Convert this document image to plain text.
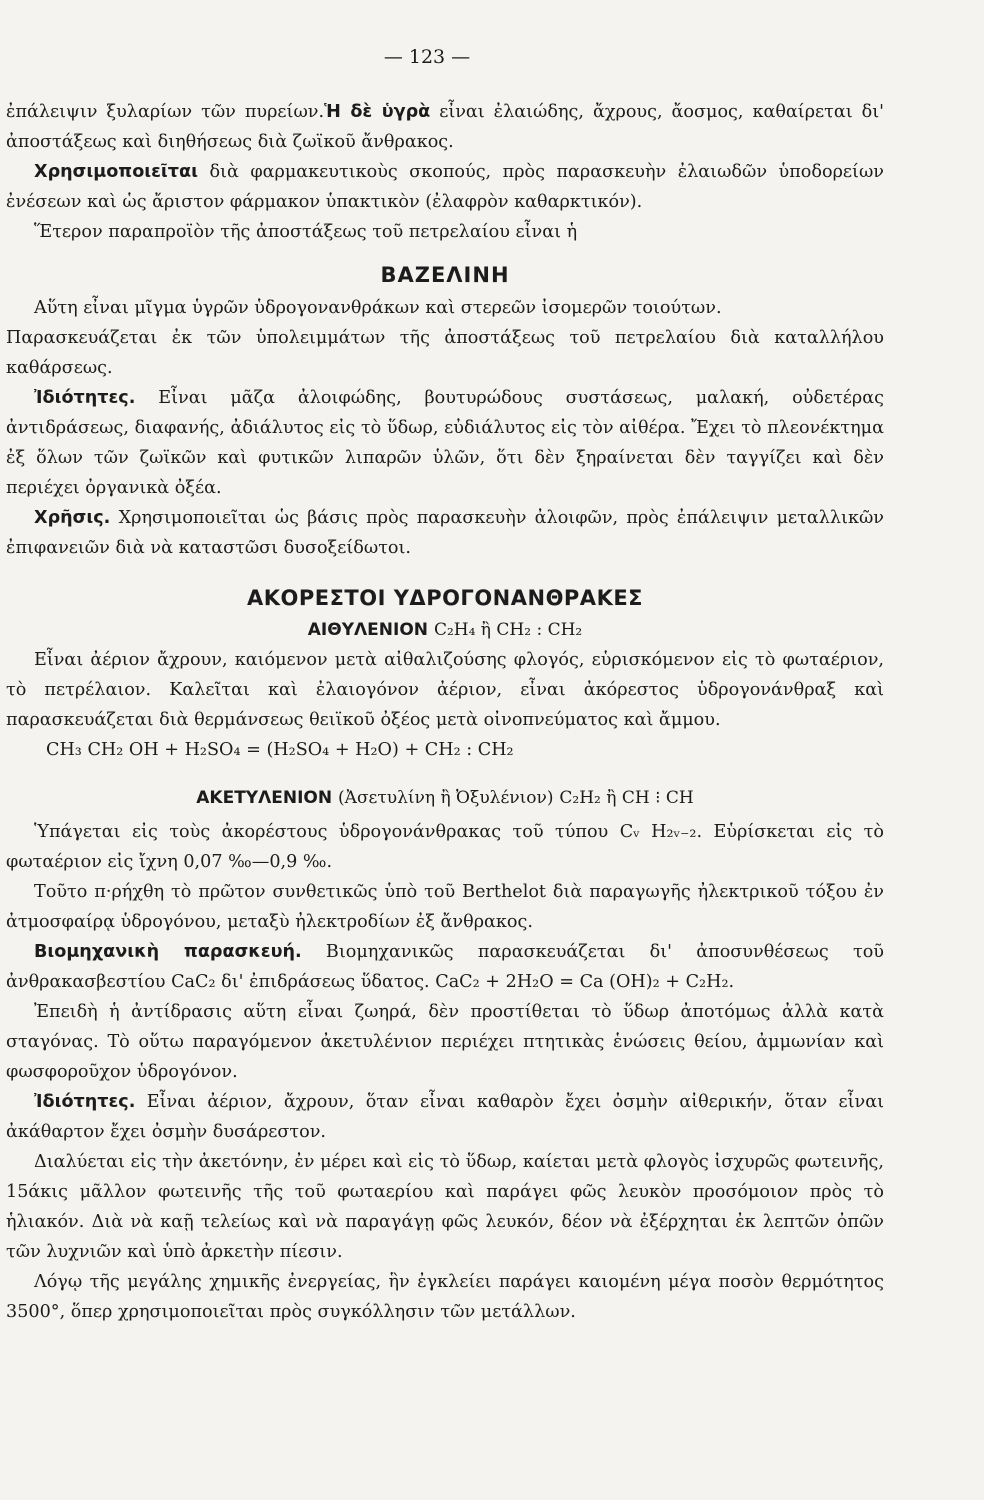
— 123 —

ἐπάλειψιν ξυλαρίων τῶν πυρείων.Ἡ δὲ ὑγρὰ εἶναι ἐλαιώδης, ἄχρους, ἄοσμος, καθαίρεται δι' ἀποστάξεως καὶ διηθήσεως διὰ ζωϊκοῦ ἄνθρακος.

Χρησιμοποιεῖται διὰ φαρμακευτικοὺς σκοπούς, πρὸς παρασκευὴν ἐλαιωδῶν ὑποδορείων ἐνέσεων καὶ ὡς ἄριστον φάρμακον ὑπακτικὸν (ἐλαφρὸν καθαρκτικόν).

Ἕτερον παραπροϊὸν τῆς ἀποστάξεως τοῦ πετρελαίου εἶναι ἡ

ΒΑΖΕΛΙΝΗ

Αὕτη εἶναι μῖγμα ὑγρῶν ὑδρογονανθράκων καὶ στερεῶν ἰσομερῶν τοιούτων.

Παρασκευάζεται ἐκ τῶν ὑπολειμμάτων τῆς ἀποστάξεως τοῦ πετρελαίου διὰ καταλλήλου καθάρσεως.

Ἰδιότητες. Εἶναι μᾶζα ἀλοιφώδης, βουτυρώδους συστάσεως, μαλακή, οὐδετέρας ἀντιδράσεως, διαφανής, ἀδιάλυτος εἰς τὸ ὕδωρ, εὐδιάλυτος εἰς τὸν αἰθέρα. Ἔχει τὸ πλεονέκτημα ἐξ ὅλων τῶν ζωϊκῶν καὶ φυτικῶν λιπαρῶν ὑλῶν, ὅτι δὲν ξηραίνεται δὲν ταγγίζει καὶ δὲν περιέχει ὀργανικὰ ὀξέα.

Χρῆσις. Χρησιμοποιεῖται ὡς βάσις πρὸς παρασκευὴν ἀλοιφῶν, πρὸς ἐπάλειψιν μεταλλικῶν ἐπιφανειῶν διὰ νὰ καταστῶσι δυσοξείδωτοι.

ΑΚΟΡΕΣΤΟΙ ΥΔΡΟΓΟΝΑΝΘΡΑΚΕΣ
ΑΙΘΥΛΕΝΙΟΝ C₂H₄ ἢ CH₂ : CH₂

Εἶναι ἀέριον ἄχρουν, καιόμενον μετὰ αἰθαλιζούσης φλογός, εὑρισκόμενον εἰς τὸ φωταέριον, τὸ πετρέλαιον. Καλεῖται καὶ ἐλαιογόνον ἀέριον, εἶναι ἀκόρεστος ὑδρογονάνθραξ καὶ παρασκευάζεται διὰ θερμάνσεως θειϊκοῦ ὀξέος μετὰ οἰνοπνεύματος καὶ ἄμμου.

CH₃ CH₂ OH + H₂SO₄ = (H₂SO₄ + H₂O) + CH₂ : CH₂

ΑΚΕΤΥΛΕΝΙΟΝ (Ἀσετυλίνη ἢ Ὀξυλένιον) C₂H₂ ἢ CH ⁝ CH

Ὑπάγεται εἰς τοὺς ἀκορέστους ὑδρογονάνθρακας τοῦ τύπου Cᵥ H₂ᵥ₋₂. Εὑρίσκεται εἰς τὸ φωταέριον εἰς ἴχνη 0,07 ‰—0,9 ‰.

Τοῦτο π·ρήχθη τὸ πρῶτον συνθετικῶς ὑπὸ τοῦ Berthelot διὰ παραγωγῆς ἠλεκτρικοῦ τόξου ἐν ἀτμοσφαίρᾳ ὑδρογόνου, μεταξὺ ἠλεκτροδίων ἐξ ἄνθρακος.

Βιομηχανικὴ παρασκευή. Βιομηχανικῶς παρασκευάζεται δι' ἀποσυνθέσεως τοῦ ἀνθρακασβεστίου CaC₂ δι' ἐπιδράσεως ὕδατος. CaC₂ + 2H₂O = Ca (OH)₂ + C₂H₂.

Ἐπειδὴ ἡ ἀντίδρασις αὕτη εἶναι ζωηρά, δὲν προστίθεται τὸ ὕδωρ ἀποτόμως ἀλλὰ κατὰ σταγόνας. Τὸ οὕτω παραγόμενον ἀκετυλένιον περιέχει πτητικὰς ἑνώσεις θείου, ἀμμωνίαν καὶ φωσφοροῦχον ὑδρογόνον.

Ἰδιότητες. Εἶναι ἀέριον, ἄχρουν, ὅταν εἶναι καθαρὸν ἔχει ὀσμὴν αἰθερικήν, ὅταν εἶναι ἀκάθαρτον ἔχει ὀσμὴν δυσάρεστον.

Διαλύεται εἰς τὴν ἀκετόνην, ἐν μέρει καὶ εἰς τὸ ὕδωρ, καίεται μετὰ φλογὸς ἰσχυρῶς φωτεινῆς, 15άκις μᾶλλον φωτεινῆς τῆς τοῦ φωταερίου καὶ παράγει φῶς λευκὸν προσόμοιον πρὸς τὸ ἡλιακόν. Διὰ νὰ καῇ τελείως καὶ νὰ παραγάγῃ φῶς λευκόν, δέον νὰ ἐξέρχηται ἐκ λεπτῶν ὀπῶν τῶν λυχνιῶν καὶ ὑπὸ ἀρκετὴν πίεσιν.

Λόγῳ τῆς μεγάλης χημικῆς ἐνεργείας, ἣν ἐγκλείει παράγει καιομένη μέγα ποσὸν θερμότητος 3500°, ὅπερ χρησιμοποιεῖται πρὸς συγκόλλησιν τῶν μετάλλων.
